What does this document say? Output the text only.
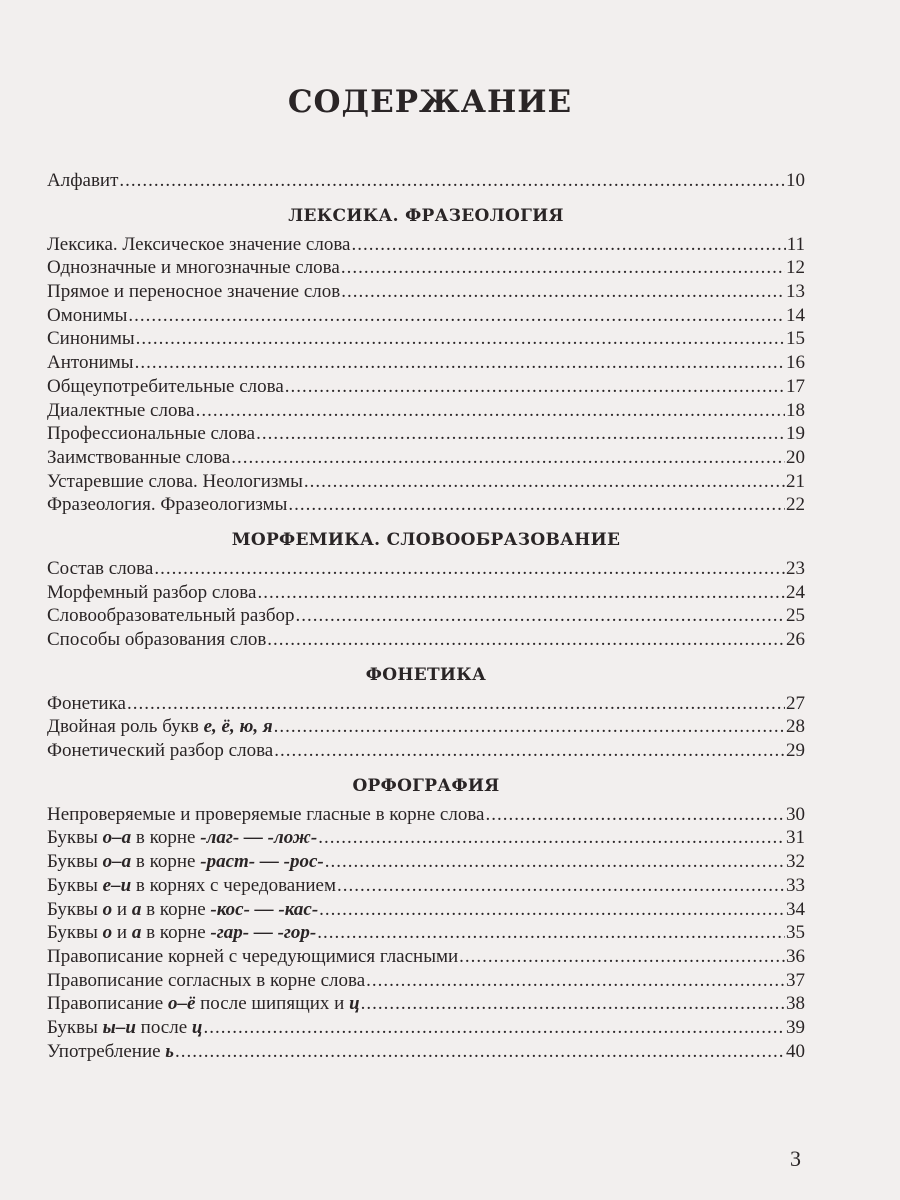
СОДЕРЖАНИЕ
Алфавит .....	10
ЛЕКСИКА. ФРАЗЕОЛОГИЯ
Лексика. Лексическое значение слова .....	11
Однозначные и многозначные слова .....	12
Прямое и переносное значение слов .....	13
Омонимы .....	14
Синонимы .....	15
Антонимы .....	16
Общеупотребительные слова .....	17
Диалектные слова .....	18
Профессиональные слова .....	19
Заимствованные слова .....	20
Устаревшие слова. Неологизмы .....	21
Фразеология. Фразеологизмы .....	22
МОРФЕМИКА. СЛОВООБРАЗОВАНИЕ
Состав слова .....	23
Морфемный разбор слова .....	24
Словообразовательный разбор .....	25
Способы образования слов .....	26
ФОНЕТИКА
Фонетика .....	27
Двойная роль букв е, ё, ю, я .....	28
Фонетический разбор слова .....	29
ОРФОГРАФИЯ
Непроверяемые и проверяемые гласные в корне слова .....	30
Буквы о–а в корне -лаг- — -лож- .....	31
Буквы о–а в корне -раст- — -рос- .....	32
Буквы е–и в корнях с чередованием .....	33
Буквы о и а в корне -кос- — -кас- .....	34
Буквы о и а в корне -гар- — -гор- .....	35
Правописание корней с чередующимися гласными .....	36
Правописание согласных в корне слова .....	37
Правописание о–ё после шипящих и ц .....	38
Буквы ы–и после ц .....	39
Употребление ь .....	40
3
